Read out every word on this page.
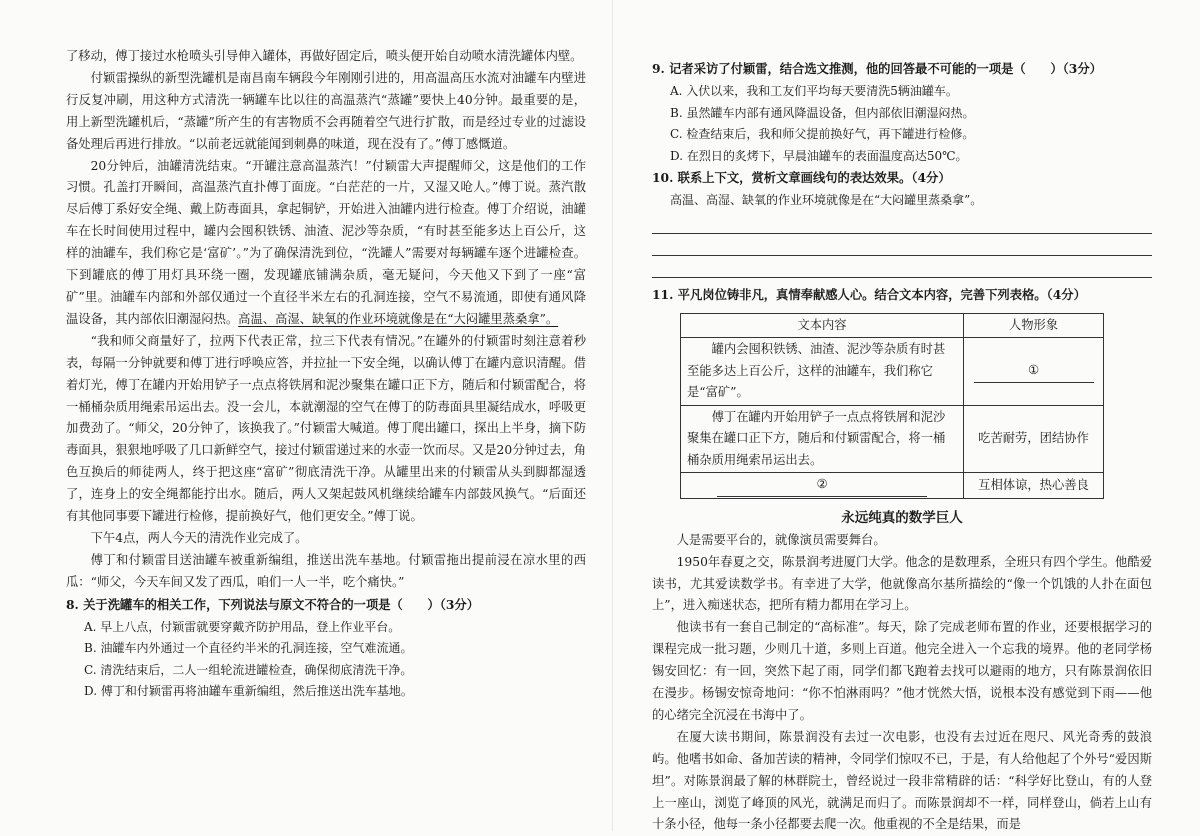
了移动，傅丁接过水枪喷头引导伸入罐体，再做好固定后，喷头便开始自动喷水清洗罐体内壁。

付颖雷操纵的新型洗罐机是南昌南车辆段今年刚刚引进的，用高温高压水流对油罐车内壁进行反复冲刷，用这种方式清洗一辆罐车比以往的高温蒸汽“蒸罐”要快上40分钟。最重要的是，用上新型洗罐机后，“蒸罐”所产生的有害物质不会再随着空气进行扩散，而是经过专业的过滤设备处理后再进行排放。“以前老远就能闻到刺鼻的味道，现在没有了。”傅丁感慨道。

20分钟后，油罐清洗结束。“开罐注意高温蒸汽！”付颖雷大声提醒师父，这是他们的工作习惯。孔盖打开瞬间，高温蒸汽直扑傅丁面庞。“白茫茫的一片，又湿又呛人。”傅丁说。蒸汽散尽后傅丁系好安全绳、戴上防毒面具，拿起铜铲，开始进入油罐内进行检查。傅丁介绍说，油罐车在长时间使用过程中，罐内会囤积铁锈、油渣、泥沙等杂质，“有时甚至能多达上百公斤，这样的油罐车，我们称它是‘富矿’。”为了确保清洗到位，“洗罐人”需要对每辆罐车逐个进罐检查。下到罐底的傅丁用灯具环绕一圈，发现罐底铺满杂质，毫无疑问，今天他又下到了一座“富矿”里。油罐车内部和外部仅通过一个直径半米左右的孔洞连接，空气不易流通，即使有通风降温设备，其内部依旧潮湿闷热。高温、高湿、缺氧的作业环境就像是在“大闷罐里蒸桑拿”。

“我和师父商量好了，拉两下代表正常，拉三下代表有情况。”在罐外的付颖雷时刻注意着秒表，每隔一分钟就要和傅丁进行呼唤应答，并拉扯一下安全绳，以确认傅丁在罐内意识清醒。借着灯光，傅丁在罐内开始用铲子一点点将铁屑和泥沙聚集在罐口正下方，随后和付颖雷配合，将一桶桶杂质用绳索吊运出去。没一会儿，本就潮湿的空气在傅丁的防毒面具里凝结成水，呼吸更加费劲了。“师父，20分钟了，该换我了。”付颖雷大喊道。傅丁爬出罐口，探出上半身，摘下防毒面具，狠狠地呼吸了几口新鲜空气，接过付颖雷递过来的水壶一饮而尽。又是20分钟过去，角色互换后的师徒两人，终于把这座“富矿”彻底清洗干净。从罐里出来的付颖雷从头到脚都湿透了，连身上的安全绳都能拧出水。随后，两人又架起鼓风机继续给罐车内部鼓风换气。“后面还有其他同事要下罐进行检修，提前换好气，他们更安全。”傅丁说。

下午4点，两人今天的清洗作业完成了。

傅丁和付颖雷目送油罐车被重新编组，推送出洗车基地。付颖雷拖出提前浸在凉水里的西瓜：“师父，今天车间又发了西瓜，咱们一人一半，吃个痛快。”

8. 关于洗罐车的相关工作，下列说法与原文不符合的一项是（　　）（3分）

A. 早上八点，付颖雷就要穿戴齐防护用品，登上作业平台。

B. 油罐车内外通过一个直径约半米的孔洞连接，空气难流通。

C. 清洗结束后，二人一组轮流进罐检查，确保彻底清洗干净。

D. 傅丁和付颖雷再将油罐车重新编组，然后推送出洗车基地。

9. 记者采访了付颖雷，结合选文推测，他的回答最不可能的一项是（　　）（3分）

A. 入伏以来，我和工友们平均每天要清洗5辆油罐车。

B. 虽然罐车内部有通风降温设备，但内部依旧潮湿闷热。

C. 检查结束后，我和师父提前换好气，再下罐进行检修。

D. 在烈日的炙烤下，早晨油罐车的表面温度高达50℃。

10. 联系上下文，赏析文章画线句的表达效果。（4分）

高温、高湿、缺氧的作业环境就像是在“大闷罐里蒸桑拿”。

11. 平凡岗位铸非凡，真情奉献感人心。结合文本内容，完善下列表格。（4分）

文本内容	人物形象
罐内会囤积铁锈、油渣、泥沙等杂质有时甚至能多达上百公斤，这样的油罐车，我们称它是“富矿”。	①
傅丁在罐内开始用铲子一点点将铁屑和泥沙聚集在罐口正下方，随后和付颖雷配合，将一桶桶杂质用绳索吊运出去。	吃苦耐劳，团结协作
②	互相体谅，热心善良
永远纯真的数学巨人

人是需要平台的，就像演员需要舞台。

1950年春夏之交，陈景润考进厦门大学。他念的是数理系，全班只有四个学生。他酷爱读书，尤其爱读数学书。有幸进了大学，他就像高尔基所描绘的“像一个饥饿的人扑在面包上”，进入痴迷状态，把所有精力都用在学习上。

他读书有一套自己制定的“高标准”。每天，除了完成老师布置的作业，还要根据学习的课程完成一批习题，少则几十道，多则上百道。他完全进入一个忘我的境界。他的老同学杨锡安回忆：有一回，突然下起了雨，同学们都飞跑着去找可以避雨的地方，只有陈景润依旧在漫步。杨锡安惊奇地问：“你不怕淋雨吗？”他才恍然大悟，说根本没有感觉到下雨——他的心绪完全沉浸在书海中了。

在厦大读书期间，陈景润没有去过一次电影，也没有去过近在咫尺、风光奇秀的鼓浪屿。他嗜书如命、备加苦读的精神，令同学们惊叹不已，于是，有人给他起了个外号“爱因斯坦”。对陈景润最了解的林群院士，曾经说过一段非常精辟的话：“科学好比登山，有的人登上一座山，浏览了峰顶的风光，就满足而归了。而陈景润却不一样，同样登山，倘若上山有十条小径，他每一条小径都要去爬一次。他重视的不全是结果，而是
